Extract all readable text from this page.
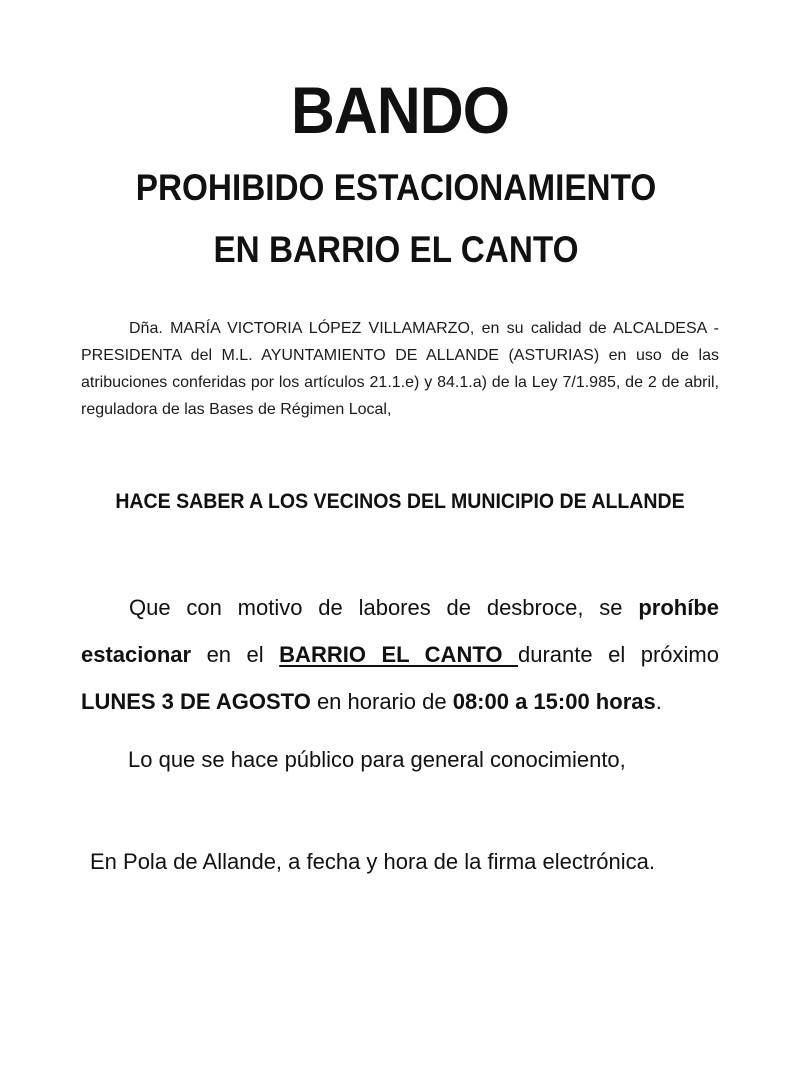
BANDO
PROHIBIDO ESTACIONAMIENTO
EN BARRIO EL CANTO

Dña. MARÍA VICTORIA LÓPEZ VILLAMARZO, en su calidad de ALCALDESA - PRESIDENTA del M.L. AYUNTAMIENTO DE ALLANDE (ASTURIAS) en uso de las atribuciones conferidas por los artículos 21.1.e) y 84.1.a) de la Ley 7/1.985, de 2 de abril, reguladora de las Bases de Régimen Local,

HACE SABER A LOS VECINOS DEL MUNICIPIO DE ALLANDE

Que con motivo de labores de desbroce, se prohíbe estacionar en el BARRIO EL CANTO durante el próximo LUNES 3 DE AGOSTO en horario de 08:00 a 15:00 horas.

Lo que se hace público para general conocimiento,
En Pola de Allande, a fecha y hora de la firma electrónica.
